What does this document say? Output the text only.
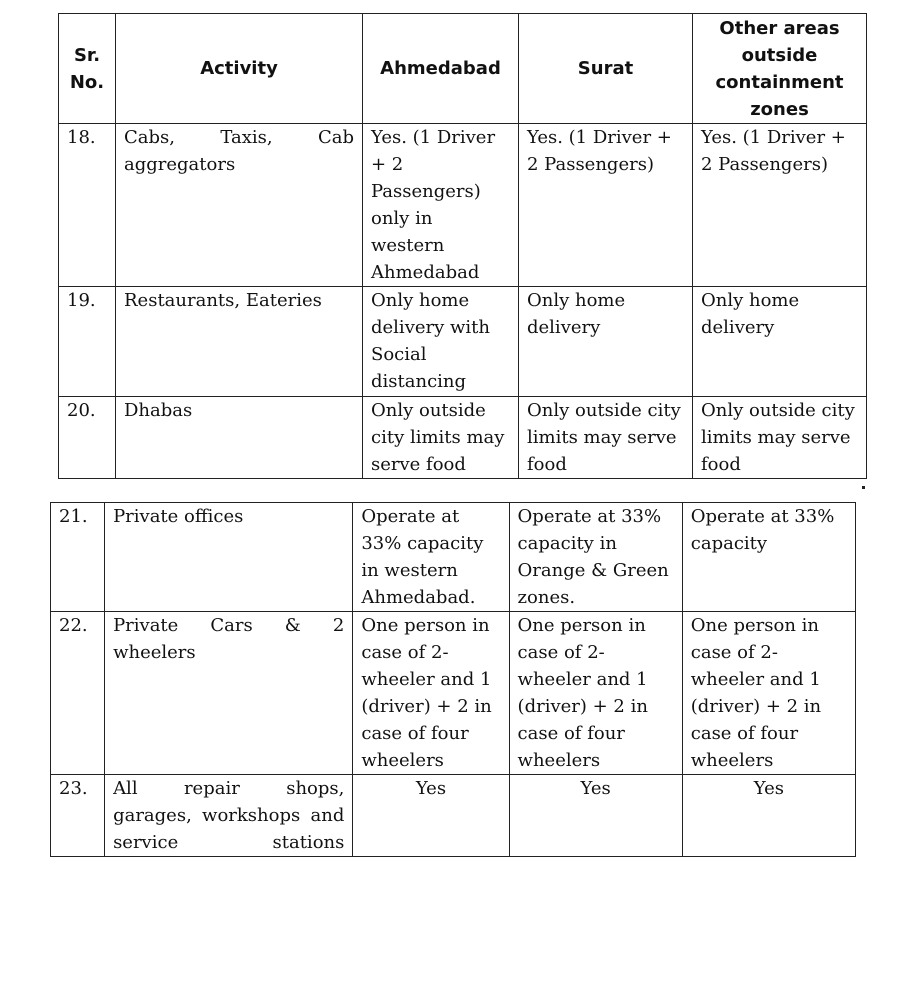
Sr. No.	Activity	Ahmedabad	Surat	Other areas outside containment zones
18.	Cabs, Taxis, Cab aggregators	Yes. (1 Driver + 2 Passengers) only in western Ahmedabad	Yes. (1 Driver + 2 Passengers)	Yes. (1 Driver + 2 Passengers)
19.	Restaurants, Eateries	Only home delivery with Social distancing	Only home delivery	Only home delivery
20.	Dhabas	Only outside city limits may serve food	Only outside city limits may serve food	Only outside city limits may serve food
21.	Private offices	Operate at 33% capacity in western Ahmedabad.	Operate at 33% capacity in Orange & Green zones.	Operate at 33% capacity
22.	Private Cars & 2 wheelers	One person in case of 2-wheeler and 1 (driver) + 2 in case of four wheelers	One person in case of 2-wheeler and 1 (driver) + 2 in case of four wheelers	One person in case of 2-wheeler and 1 (driver) + 2 in case of four wheelers
23.	All repair shops, garages, workshops and service stations	Yes	Yes	Yes
